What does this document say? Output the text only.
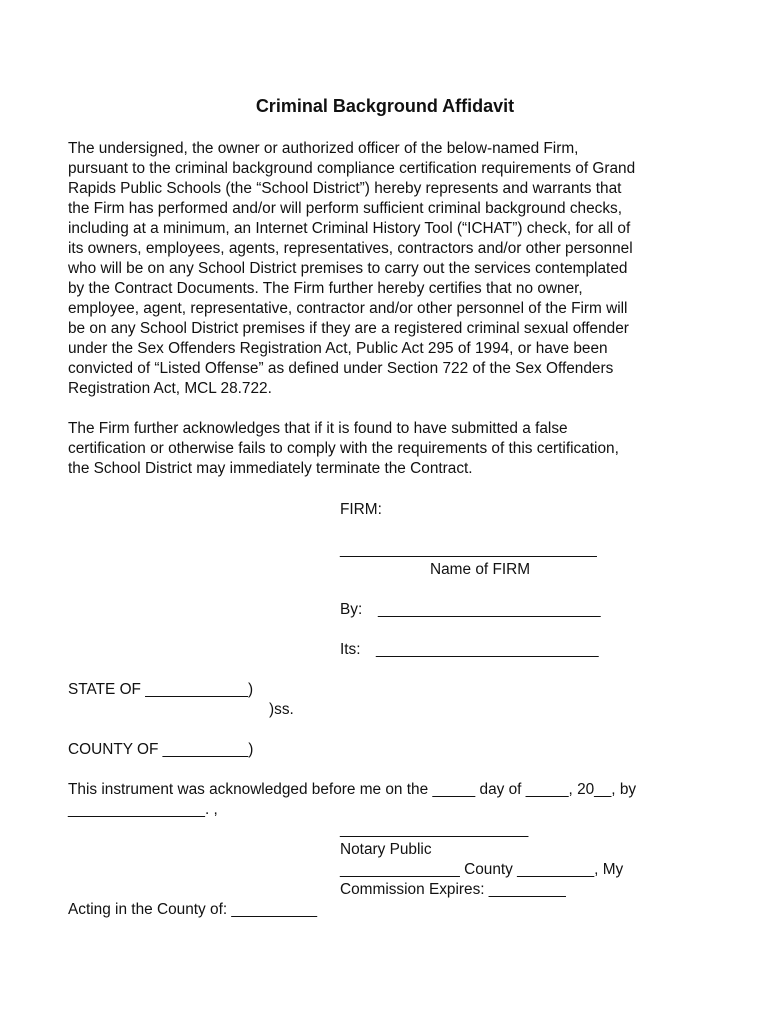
Criminal Background Affidavit
The undersigned, the owner or authorized officer of the below-named Firm,
pursuant to the criminal background compliance certification requirements of Grand
Rapids Public Schools (the “School District”) hereby represents and warrants that
the Firm has performed and/or will perform sufficient criminal background checks,
including at a minimum, an Internet Criminal History Tool (“ICHAT”) check, for all of
its owners, employees, agents, representatives, contractors and/or other personnel
who will be on any School District premises to carry out the services contemplated
by the Contract Documents. The Firm further hereby certifies that no owner,
employee, agent, representative, contractor and/or other personnel of the Firm will
be on any School District premises if they are a registered criminal sexual offender
under the Sex Offenders Registration Act, Public Act 295 of 1994, or have been
convicted of “Listed Offense” as defined under Section 722 of the Sex Offenders
Registration Act, MCL 28.722.
The Firm further acknowledges that if it is found to have submitted a false
certification or otherwise fails to comply with the requirements of this certification,
the School District may immediately terminate the Contract.
FIRM:
______________________________
Name of FIRM
By: __________________________
Its: __________________________
STATE OF ____________)
)ss.
COUNTY OF __________)
This instrument was acknowledged before me on the _____ day of _____, 20__, by
________________. ,
______________________
Notary Public
______________ County _________, My
Commission Expires: _________
Acting in the County of: __________
